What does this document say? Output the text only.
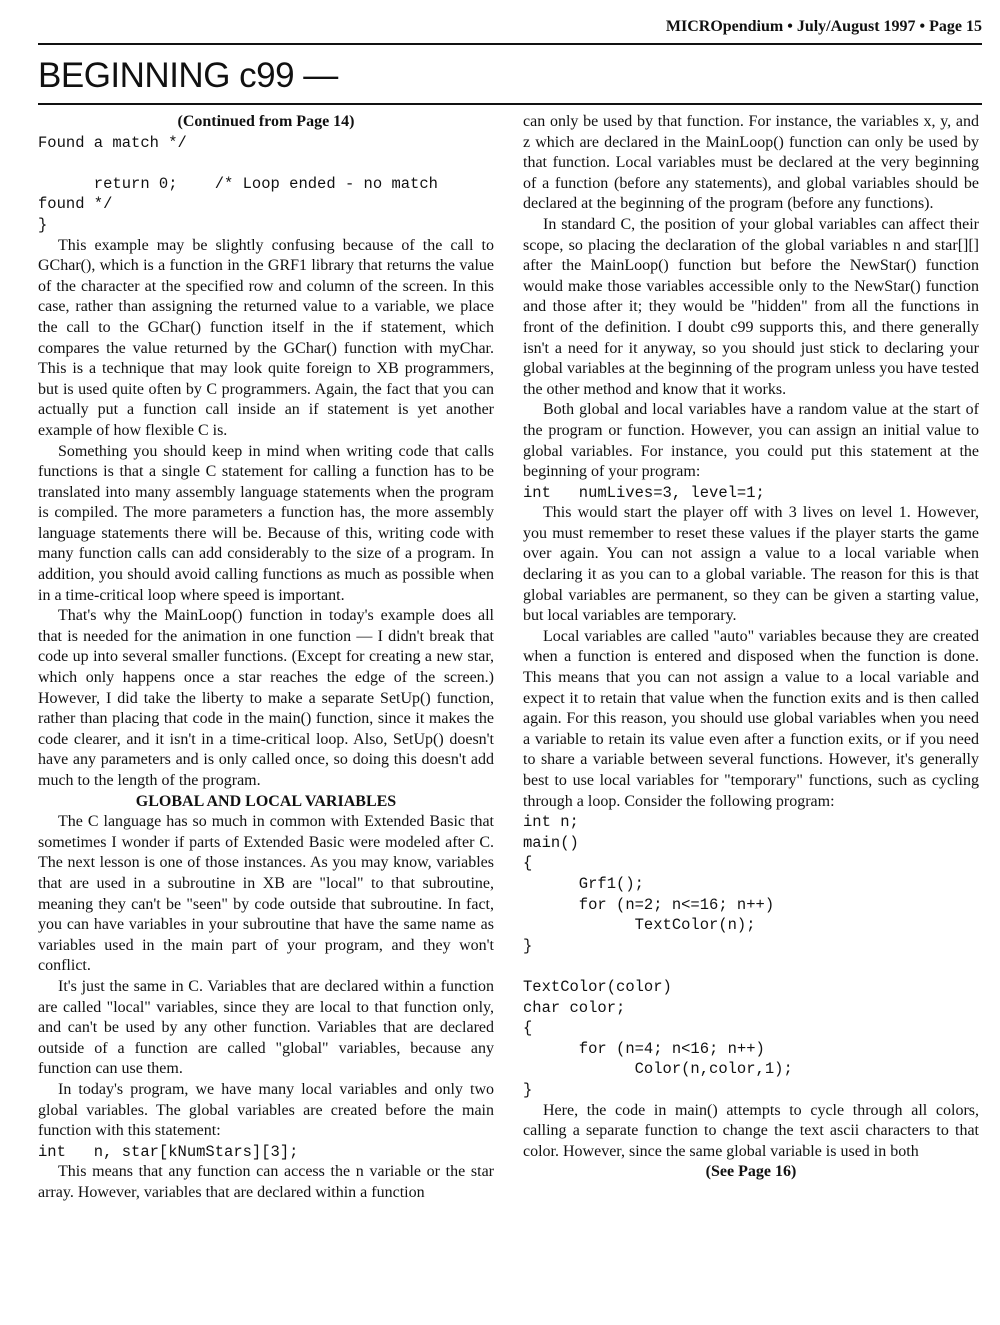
MICROpendium • July/August 1997 • Page 15
BEGINNING c99 —
(Continued from Page 14)
Found a match */

return 0;    /* Loop ended - no match
found */
}

This example may be slightly confusing because of the call to GChar(), which is a function in the GRF1 library that returns the value of the character at the specified row and column of the screen. In this case, rather than assigning the returned value to a variable, we place the call to the GChar() function itself in the if statement, which compares the value returned by the GChar() function with myChar. This is a technique that may look quite foreign to XB programmers, but is used quite often by C programmers. Again, the fact that you can actually put a function call inside an if statement is yet another example of how flexible C is.

Something you should keep in mind when writing code that calls functions is that a single C statement for calling a function has to be translated into many assembly language statements when the program is compiled. The more parameters a function has, the more assembly language statements there will be. Because of this, writing code with many function calls can add considerably to the size of a program. In addition, you should avoid calling functions as much as possible when in a time-critical loop where speed is important.

That's why the MainLoop() function in today's example does all that is needed for the animation in one function — I didn't break that code up into several smaller functions. (Except for creating a new star, which only happens once a star reaches the edge of the screen.) However, I did take the liberty to make a separate SetUp() function, rather than placing that code in the main() function, since it makes the code clearer, and it isn't in a time-critical loop. Also, SetUp() doesn't have any parameters and is only called once, so doing this doesn't add much to the length of the program.

GLOBAL AND LOCAL VARIABLES

The C language has so much in common with Extended Basic that sometimes I wonder if parts of Extended Basic were modeled after C. The next lesson is one of those instances. As you may know, variables that are used in a subroutine in XB are "local" to that subroutine, meaning they can't be "seen" by code outside that subroutine. In fact, you can have variables in your subroutine that have the same name as variables used in the main part of your program, and they won't conflict.

It's just the same in C. Variables that are declared within a function are called "local" variables, since they are local to that function only, and can't be used by any other function. Variables that are declared outside of a function are called "global" variables, because any function can use them.

In today's program, we have many local variables and only two global variables. The global variables are created before the main function with this statement:

int   n, star[kNumStars][3];

This means that any function can access the n variable or the star array. However, variables that are declared within a function

can only be used by that function. For instance, the variables x, y, and z which are declared in the MainLoop() function can only be used by that function. Local variables must be declared at the very beginning of a function (before any statements), and global variables should be declared at the beginning of the program (before any functions).

In standard C, the position of your global variables can affect their scope, so placing the declaration of the global variables n and star[][] after the MainLoop() function but before the NewStar() function would make those variables accessible only to the NewStar() function and those after it; they would be "hidden" from all the functions in front of the definition. I doubt c99 supports this, and there generally isn't a need for it anyway, so you should just stick to declaring your global variables at the beginning of the program unless you have tested the other method and know that it works.

Both global and local variables have a random value at the start of the program or function. However, you can assign an initial value to global variables. For instance, you could put this statement at the beginning of your program:

int   numLives=3, level=1;

This would start the player off with 3 lives on level 1. However, you must remember to reset these values if the player starts the game over again. You can not assign a value to a local variable when declaring it as you can to a global variable. The reason for this is that global variables are permanent, so they can be given a starting value, but local variables are temporary.

Local variables are called "auto" variables because they are created when a function is entered and disposed when the function is done. This means that you can not assign a value to a local variable and expect it to retain that value when the function exits and is then called again. For this reason, you should use global variables when you need a variable to retain its value even after a function exits, or if you need to share a variable between several functions. However, it's generally best to use local variables for "temporary" functions, such as cycling through a loop. Consider the following program:

int n;
main()
{
Grf1();
for (n=2; n<=16; n++)
TextColor(n);
}

TextColor(color)
char color;
{
for (n=4; n<16; n++)
Color(n,color,1);
}

Here, the code in main() attempts to cycle through all colors, calling a separate function to change the text ascii characters to that color. However, since the same global variable is used in both

(See Page 16)
